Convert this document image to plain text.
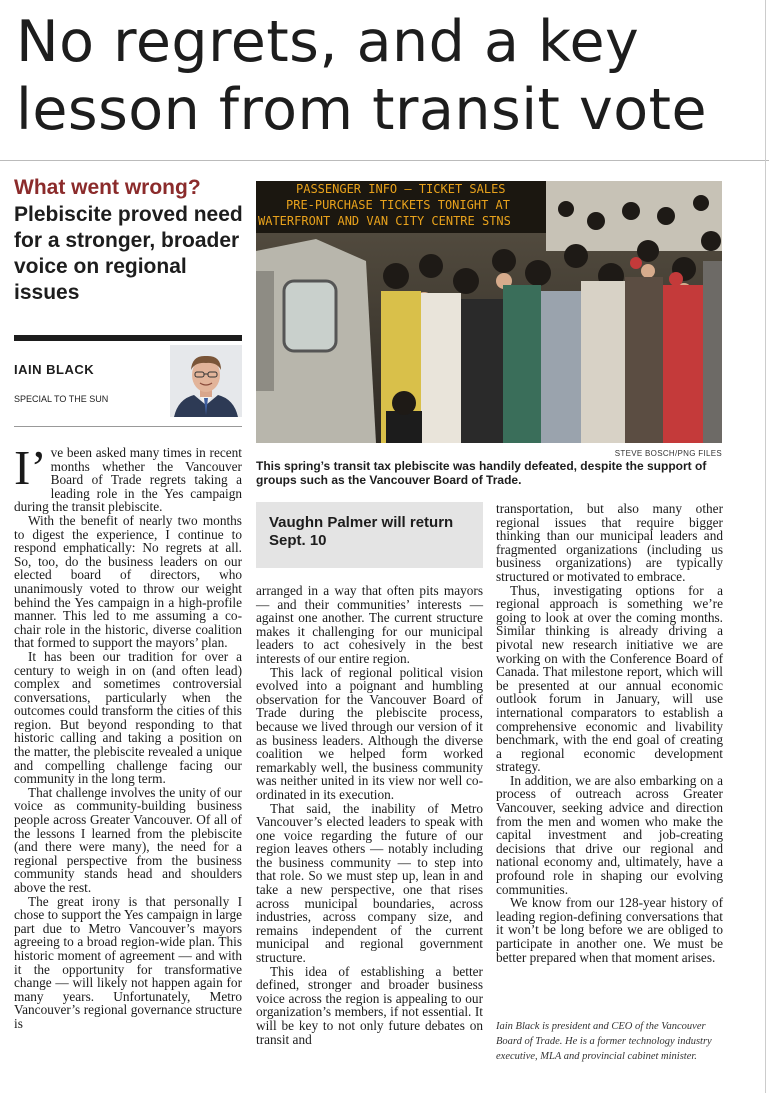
No regrets, and a key lesson from transit vote
What went wrong?
Plebiscite proved need for a stronger, broader voice on regional issues
IAIN BLACK
SPECIAL TO THE SUN
PASSENGER INFO – TICKET SALES
PRE-PURCHASE TICKETS TONIGHT AT
WATERFRONT AND VAN CITY CENTRE STNS
STEVE BOSCH/PNG FILES
This spring’s transit tax plebiscite was handily defeated, despite the support of groups such as the Vancouver Board of Trade.

I’ve been asked many times in recent months whether the Vancouver Board of Trade regrets taking a leading role in the Yes campaign during the transit plebiscite.

With the benefit of nearly two months to digest the experience, I continue to respond emphatically: No regrets at all. So, too, do the business leaders on our elected board of directors, who unanimously voted to throw our weight behind the Yes campaign in a high-profile manner. This led to me assuming a co-chair role in the historic, diverse coalition that formed to support the mayors’ plan.

It has been our tradition for over a century to weigh in on (and often lead) complex and sometimes controversial conversations, particularly when the outcomes could transform the cities of this region. But beyond responding to that historic calling and taking a position on the matter, the plebiscite revealed a unique and compelling challenge facing our community in the long term.

That challenge involves the unity of our voice as community-building business people across Greater Vancouver. Of all of the lessons I learned from the plebiscite (and there were many), the need for a regional perspective from the business community stands head and shoulders above the rest.

The great irony is that personally I chose to support the Yes campaign in large part due to Metro Vancouver’s mayors agreeing to a broad region-wide plan. This historic moment of agreement — and with it the opportunity for transformative change — will likely not happen again for many years. Unfortunately, Metro Vancouver’s regional governance structure is

Vaughn Palmer will return Sept. 10

arranged in a way that often pits mayors — and their communities’ interests — against one another. The current structure makes it challenging for our municipal leaders to act cohesively in the best interests of our entire region.

This lack of regional political vision evolved into a poignant and humbling observation for the Vancouver Board of Trade during the plebiscite process, because we lived through our version of it as business leaders. Although the diverse coalition we helped form worked remarkably well, the business community was neither united in its view nor well co-ordinated in its execution.

That said, the inability of Metro Vancouver’s elected leaders to speak with one voice regarding the future of our region leaves others — notably including the business community — to step into that role. So we must step up, lean in and take a new perspective, one that rises across municipal boundaries, across industries, across company size, and remains independent of the current municipal and regional government structure.

This idea of establishing a better defined, stronger and broader business voice across the region is appealing to our organization’s members, if not essential. It will be key to not only future debates on transit and

transportation, but also many other regional issues that require bigger thinking than our municipal leaders and fragmented organizations (including us business organizations) are typically structured or motivated to embrace.

Thus, investigating options for a regional approach is something we’re going to look at over the coming months. Similar thinking is already driving a pivotal new research initiative we are working on with the Conference Board of Canada. That milestone report, which will be presented at our annual economic outlook forum in January, will use international comparators to establish a comprehensive economic and livability benchmark, with the end goal of creating a regional economic development strategy.

In addition, we are also embarking on a process of outreach across Greater Vancouver, seeking advice and direction from the men and women who make the capital investment and job-creating decisions that drive our regional and national economy and, ultimately, have a profound role in shaping our evolving communities.

We know from our 128-year history of leading region-defining conversations that it won’t be long before we are obliged to participate in another one. We must be better prepared when that moment arises.

Iain Black is president and CEO of the Vancouver Board of Trade. He is a former technology industry executive, MLA and provincial cabinet minister.
